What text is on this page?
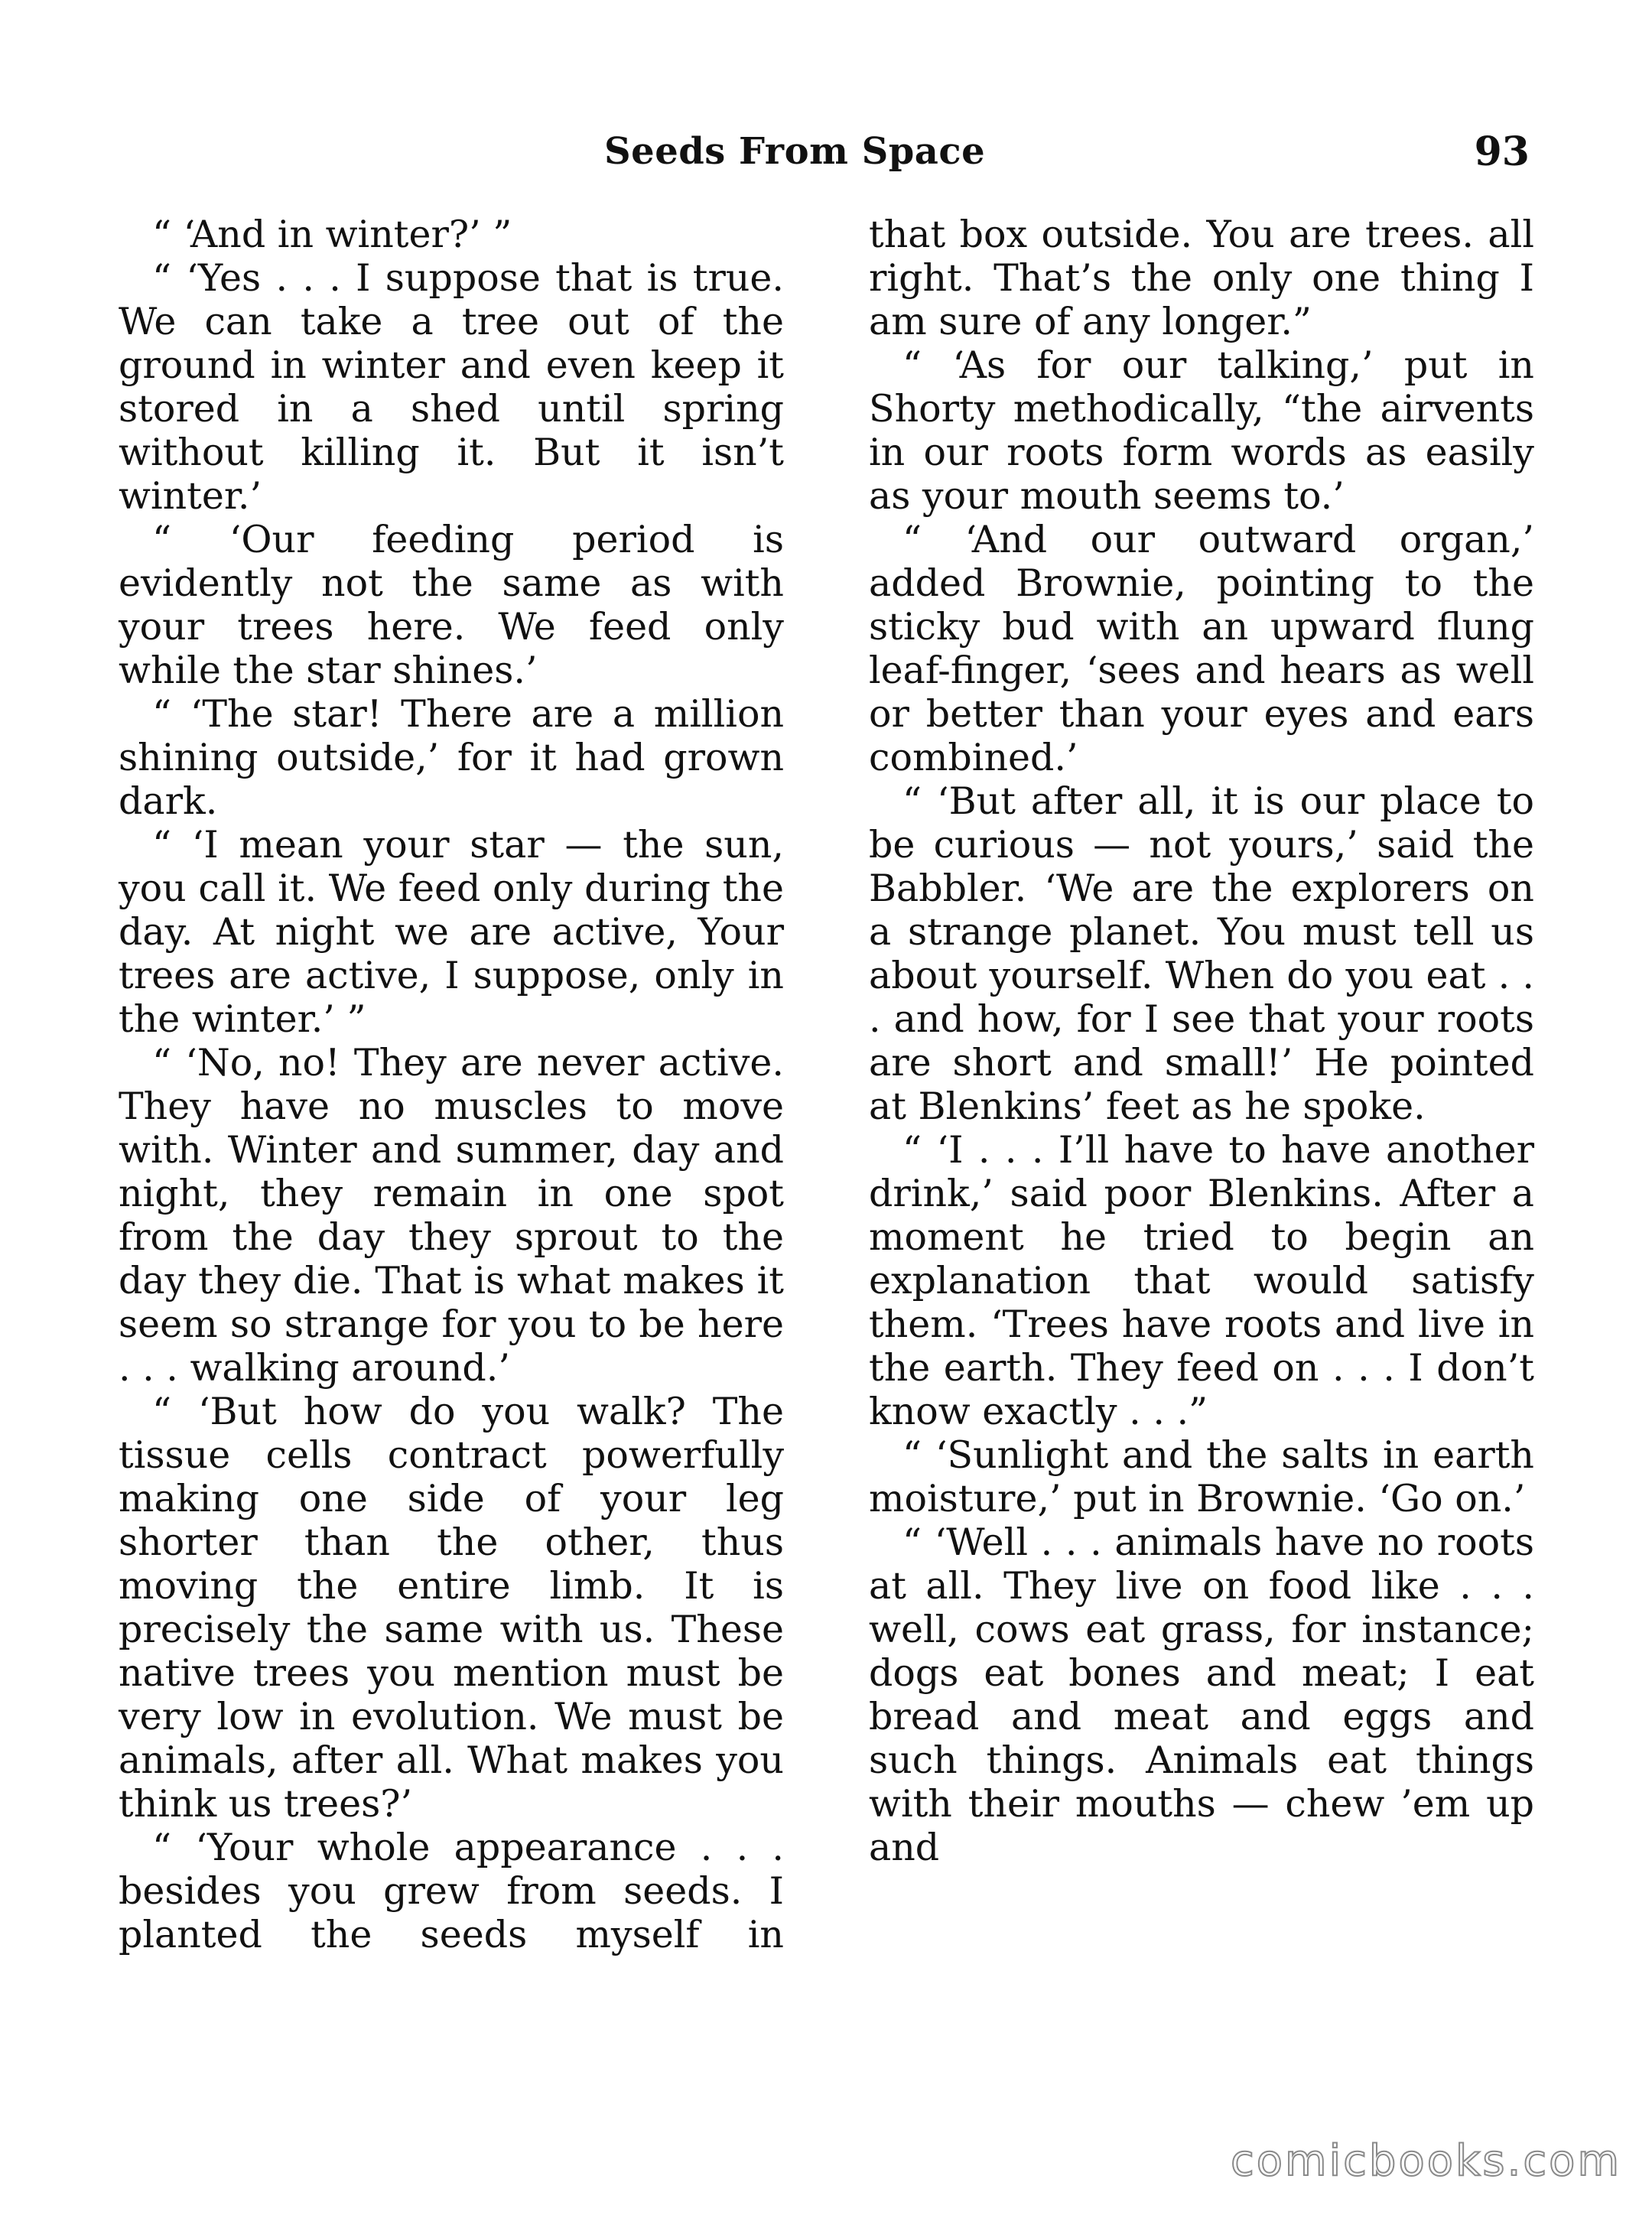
Seeds From Space	93

“ ‘And in winter?’ ”

“ ‘Yes . . . I suppose that is true. We can take a tree out of the ground in winter and even keep it stored in a shed until spring without killing it. But it isn’t winter.’

“ ‘Our feeding period is evidently not the same as with your trees here. We feed only while the star shines.’

“ ‘The star! There are a million shining outside,’ for it had grown dark.

“ ‘I mean your star — the sun, you call it. We feed only during the day. At night we are active, Your trees are active, I suppose, only in the winter.’ ”

“ ‘No, no! They are never active. They have no muscles to move with. Winter and summer, day and night, they remain in one spot from the day they sprout to the day they die. That is what makes it seem so strange for you to be here . . . walking around.’

“ ‘But how do you walk? The tissue cells contract powerfully making one side of your leg shorter than the other, thus moving the entire limb. It is precisely the same with us. These native trees you mention must be very low in evolution. We must be animals, after all. What makes you think us trees?’

“ ‘Your whole appearance . . . besides you grew from seeds. I planted the seeds myself in

that box outside. You are trees. all right. That’s the only one thing I am sure of any longer.”

“ ‘As for our talking,’ put in Shorty methodically, “the airvents in our roots form words as easily as your mouth seems to.’

“ ‘And our outward organ,’ added Brownie, pointing to the sticky bud with an upward flung leaf-finger, ‘sees and hears as well or better than your eyes and ears combined.’

“ ‘But after all, it is our place to be curious — not yours,’ said the Babbler. ‘We are the explorers on a strange planet. You must tell us about yourself. When do you eat . . . and how, for I see that your roots are short and small!’ He pointed at Blenkins’ feet as he spoke.

“ ‘I . . . I’ll have to have another drink,’ said poor Blenkins. After a moment he tried to begin an explanation that would satisfy them. ‘Trees have roots and live in the earth. They feed on . . . I don’t know exactly . . .”

“ ‘Sunlight and the salts in earth moisture,’ put in Brownie. ‘Go on.’

“ ‘Well . . . animals have no roots at all. They live on food like . . . well, cows eat grass, for instance; dogs eat bones and meat; I eat bread and meat and eggs and such things. Animals eat things with their mouths — chew ’em up and

comicbooks.com
